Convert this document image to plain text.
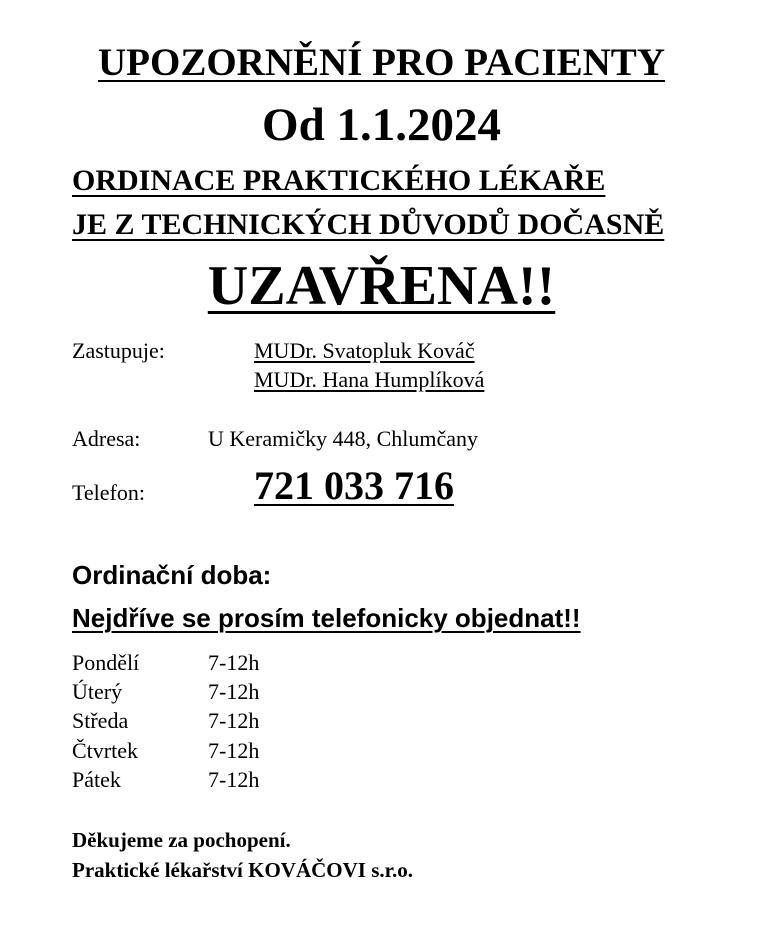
UPOZORNĚNÍ PRO PACIENTY
Od 1.1.2024
ORDINACE PRAKTICKÉHO LÉKAŘE
JE Z TECHNICKÝCH DŮVODŮ DOČASNĚ
UZAVŘENA!!
Zastupuje:	MUDr. Svatopluk Kováč
MUDr. Hana Humplíková
Adresa:	U Keramičky 448, Chlumčany
Telefon:	721 033 716
Ordinační doba:
Nejdříve se prosím telefonicky objednat!!
Pondělí	7-12h
Úterý	7-12h
Středa	7-12h
Čtvrtek	7-12h
Pátek	7-12h
Děkujeme za pochopení.
Praktické lékařství KOVÁČOVI s.r.o.
